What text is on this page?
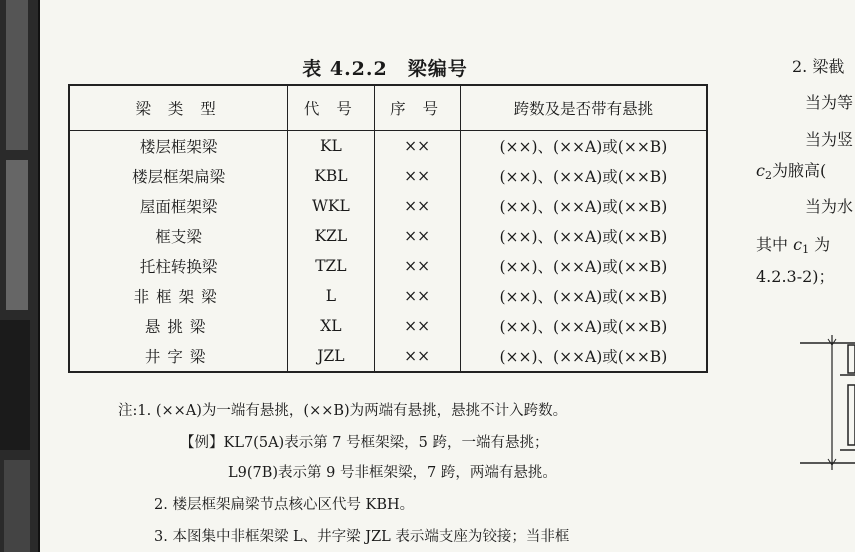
表 4.2.2　梁编号
梁 类 型	代 号	序 号	跨数及是否带有悬挑
楼层框架梁	KL	××	(××)、(××A)或(××B)
楼层框架扁梁	KBL	××	(××)、(××A)或(××B)
屋面框架梁	WKL	××	(××)、(××A)或(××B)
框支梁	KZL	××	(××)、(××A)或(××B)
托柱转换梁	TZL	××	(××)、(××A)或(××B)
非框架梁	L	××	(××)、(××A)或(××B)
悬挑梁	XL	××	(××)、(××A)或(××B)
井字梁	JZL	××	(××)、(××A)或(××B)
注:1. (××A)为一端有悬挑，(××B)为两端有悬挑，悬挑不计入跨数。
【例】KL7(5A)表示第 7 号框架梁，5 跨，一端有悬挑；
L9(7B)表示第 9 号非框架梁，7 跨，两端有悬挑。
2. 楼层框架扁梁节点核心区代号 KBH。
3. 本图集中非框架梁 L、井字梁 JZL 表示端支座为铰接；当非框
2. 梁截
当为等
当为竖
$c_2$为腋高(
当为水
其中 $c_1$ 为
4.2.3-2)；
